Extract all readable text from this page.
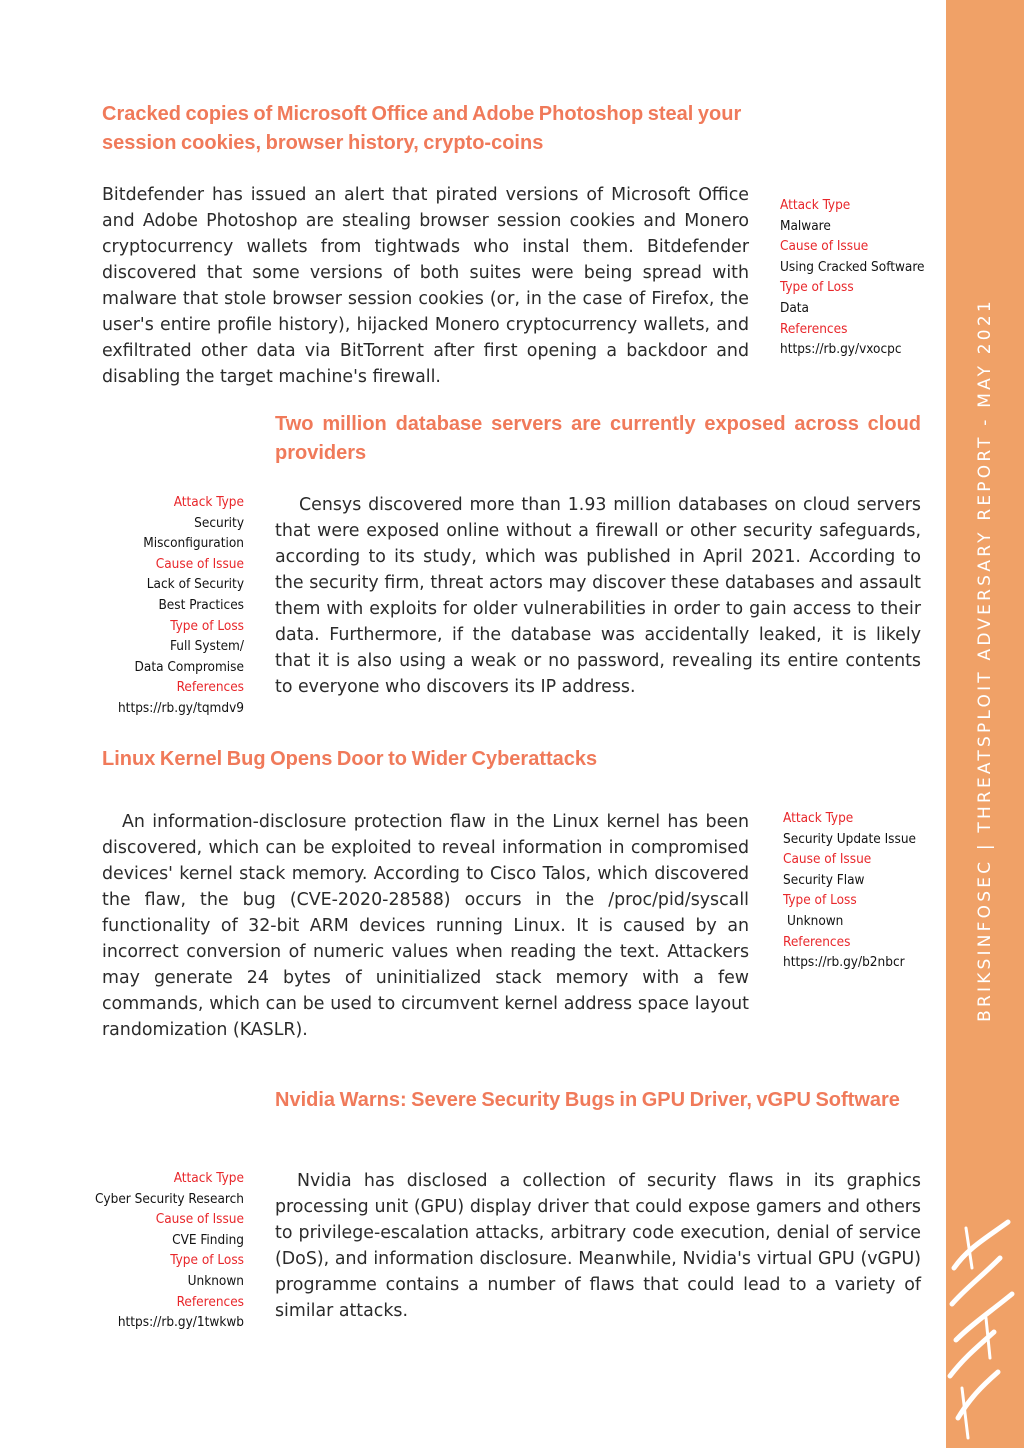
BRIKSINFOSEC | THREATSPLOIT ADVERSARY REPORT - MAY 2021
Cracked copies of Microsoft Office and Adobe Photoshop steal your session cookies, browser history, crypto-coins

Bitdefender has issued an alert that pirated versions of Microsoft Office and Adobe Photoshop are stealing browser session cookies and Monero cryptocurrency wallets from tightwads who instal them. Bitdefender discovered that some versions of both suites were being spread with malware that stole browser session cookies (or, in the case of Firefox, the user's entire profile history), hijacked Monero cryptocurrency wallets, and exfiltrated other data via BitTorrent after first opening a backdoor and disabling the target machine's firewall.

Attack Type
Malware
Cause of Issue
Using Cracked Software
Type of Loss
Data
References
https://rb.gy/vxocpc
Two million database servers are currently exposed across cloud providers

Censys discovered more than 1.93 million databases on cloud servers that were exposed online without a firewall or other security safeguards, according to its study, which was published in April 2021. According to the security firm, threat actors may discover these databases and assault them with exploits for older vulnerabilities in order to gain access to their data. Furthermore, if the database was accidentally leaked, it is likely that it is also using a weak or no password, revealing its entire contents to everyone who discovers its IP address.

Attack Type
Security
Misconfiguration
Cause of Issue
Lack of Security
Best Practices
Type of Loss
Full System/
Data Compromise
References
https://rb.gy/tqmdv9
Linux Kernel Bug Opens Door to Wider Cyberattacks

An information-disclosure protection flaw in the Linux kernel has been discovered, which can be exploited to reveal information in compromised devices' kernel stack memory. According to Cisco Talos, which discovered the flaw, the bug (CVE-2020-28588) occurs in the /proc/pid/syscall functionality of 32-bit ARM devices running Linux. It is caused by an incorrect conversion of numeric values when reading the text. Attackers may generate 24 bytes of uninitialized stack memory with a few commands, which can be used to circumvent kernel address space layout randomization (KASLR).

Attack Type
Security Update Issue
Cause of Issue
Security Flaw
Type of Loss
Unknown
References
https://rb.gy/b2nbcr
Nvidia Warns: Severe Security Bugs in GPU Driver, vGPU Software

Nvidia has disclosed a collection of security flaws in its graphics processing unit (GPU) display driver that could expose gamers and others to privilege-escalation attacks, arbitrary code execution, denial of service (DoS), and information disclosure. Meanwhile, Nvidia's virtual GPU (vGPU) programme contains a number of flaws that could lead to a variety of similar attacks.

Attack Type
Cyber Security Research
Cause of Issue
CVE Finding
Type of Loss
Unknown
References
https://rb.gy/1twkwb
